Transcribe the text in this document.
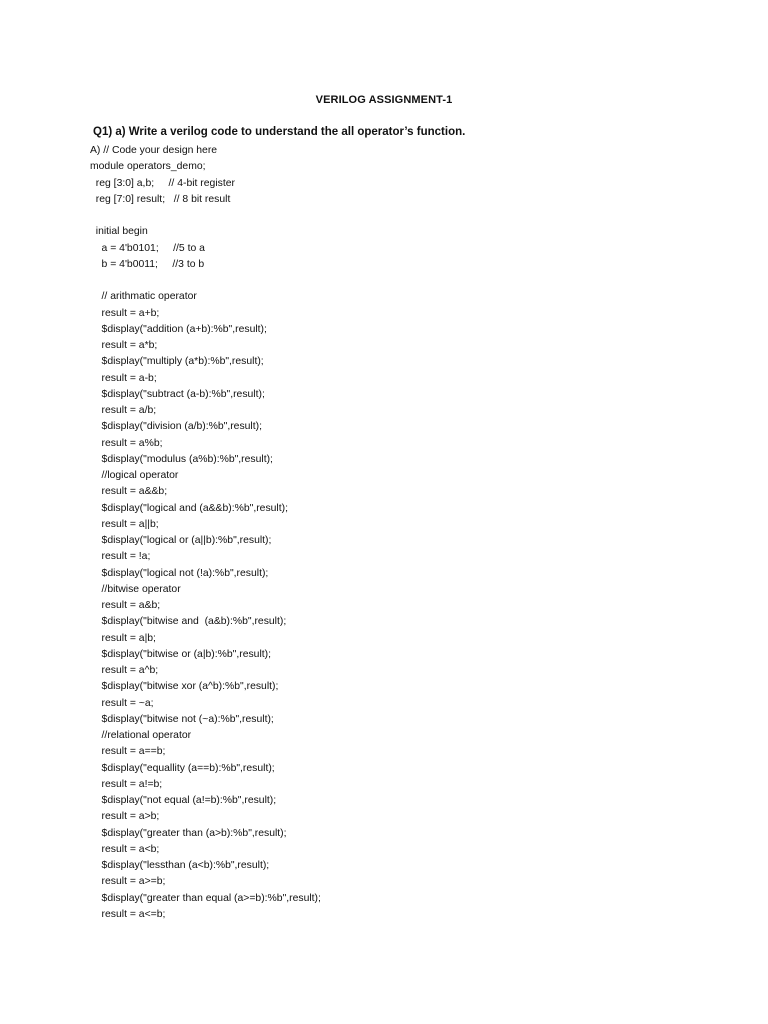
VERILOG ASSIGNMENT-1
Q1) a) Write a verilog code to understand the all operator’s function.
A) // Code your design here
module operators_demo;
reg [3:0] a,b;     // 4-bit register
reg [7:0] result;   // 8 bit result
initial begin
a = 4'b0101;     //5 to a
b = 4'b0011;     //3 to b
// arithmatic operator
result = a+b;
$display("addition (a+b):%b",result);
result = a*b;
$display("multiply (a*b):%b",result);
result = a-b;
$display("subtract (a-b):%b",result);
result = a/b;
$display("division (a/b):%b",result);
result = a%b;
$display("modulus (a%b):%b",result);
//logical operator
result = a&&b;
$display("logical and (a&&b):%b",result);
result = a||b;
$display("logical or (a||b):%b",result);
result = !a;
$display("logical not (!a):%b",result);
//bitwise operator
result = a&b;
$display("bitwise and  (a&b):%b",result);
result = a|b;
$display("bitwise or (a|b):%b",result);
result = a^b;
$display("bitwise xor (a^b):%b",result);
result = ~a;
$display("bitwise not (~a):%b",result);
//relational operator
result = a==b;
$display("equallity (a==b):%b",result);
result = a!=b;
$display("not equal (a!=b):%b",result);
result = a>b;
$display("greater than (a>b):%b",result);
result = a<b;
$display("lessthan (a<b):%b",result);
result = a>=b;
$display("greater than equal (a>=b):%b",result);
result = a<=b;
